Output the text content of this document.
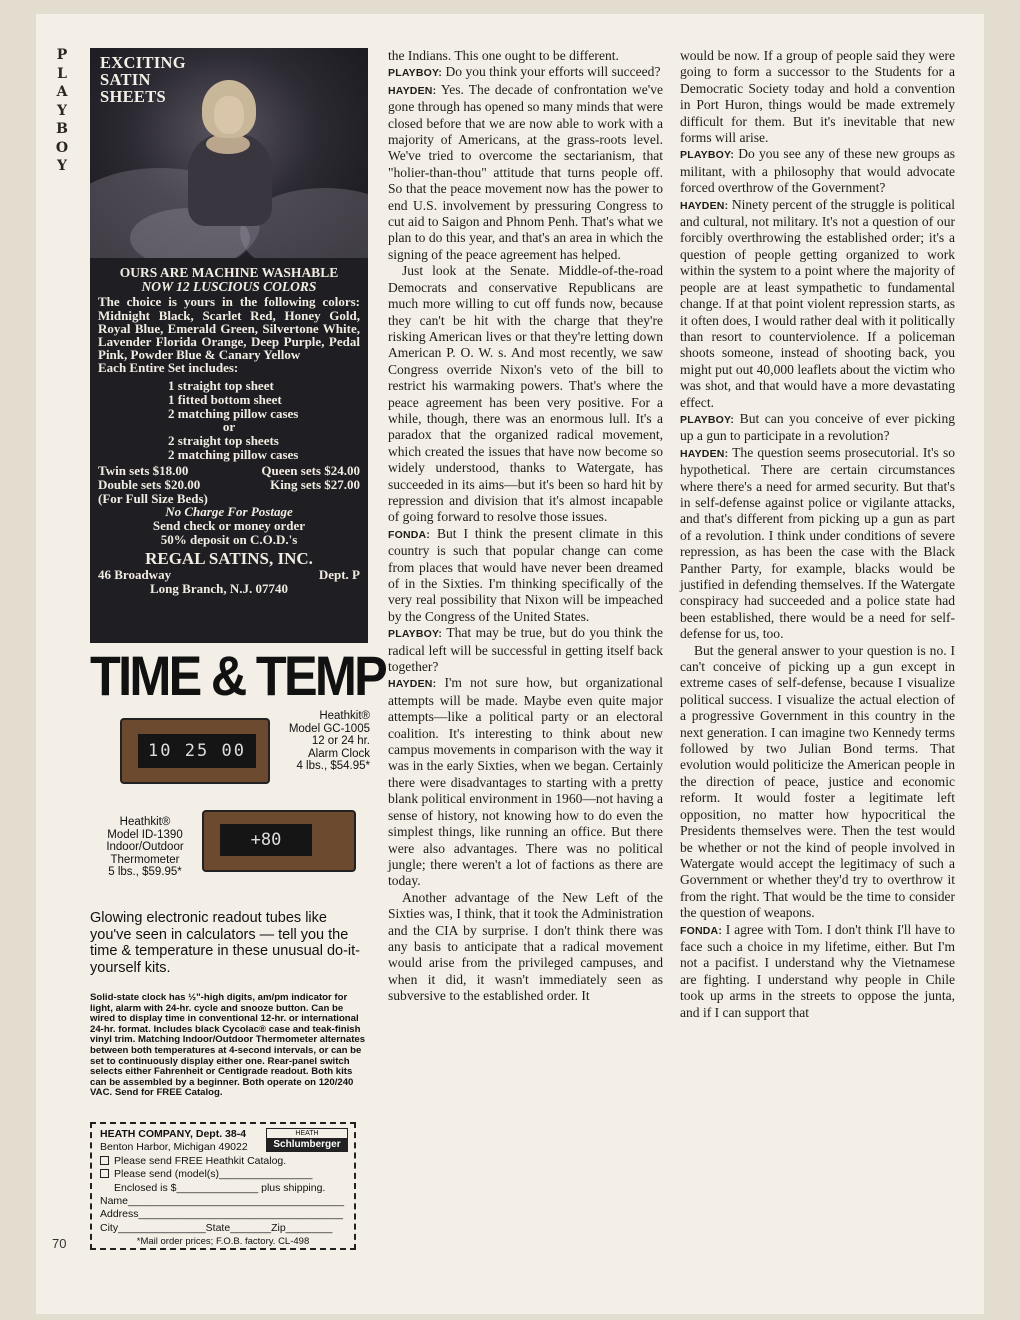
P
L
A
Y
B
O
Y
70
EXCITING
SATIN
SHEETS
OURS ARE MACHINE WASHABLE
NOW 12 LUSCIOUS COLORS
The choice is yours in the following colors: Midnight Black, Scarlet Red, Honey Gold, Royal Blue, Emerald Green, Silvertone White, Lavender Florida Orange, Deep Purple, Pedal Pink, Powder Blue & Canary Yellow
Each Entire Set includes:
1 straight top sheet
1 fitted bottom sheet
2 matching pillow cases
or
2 straight top sheets
2 matching pillow cases
Twin sets $18.00	Queen sets $24.00
Double sets $20.00	King sets $27.00
(For Full Size Beds)
No Charge For Postage
Send check or money order
50% deposit on C.O.D.'s
REGAL SATINS, INC.
46 Broadway	Dept. P
Long Branch, N.J. 07740
TIME & TEMP
10 25 00
Heathkit®
Model GC-1005
12 or 24 hr.
Alarm Clock
4 lbs., $54.95*
+80
Heathkit®
Model ID-1390
Indoor/Outdoor
Thermometer
5 lbs., $59.95*
Glowing electronic readout tubes like you've seen in calculators — tell you the time & temperature in these unusual do-it-yourself kits.
Solid-state clock has ½"-high digits, am/pm indicator for light, alarm with 24-hr. cycle and snooze button. Can be wired to display time in conventional 12-hr. or international 24-hr. format. Includes black Cycolac® case and teak-finish vinyl trim. Matching Indoor/Outdoor Thermometer alternates between both temperatures at 4-second intervals, or can be set to continuously display either one. Rear-panel switch selects either Fahrenheit or Centigrade readout. Both kits can be assembled by a beginner. Both operate on 120/240 VAC. Send for FREE Catalog.
HEATH
Schlumberger
HEATH COMPANY, Dept. 38-4
Benton Harbor, Michigan 49022
Please send FREE Heathkit Catalog.
Please send (model(s)________________
Enclosed is $______________ plus shipping.
Name_____________________________________
Address___________________________________
City_______________State_______Zip________
*Mail order prices; F.O.B. factory. CL-498

the Indians. This one ought to be different.

PLAYBOY: Do you think your efforts will succeed?

HAYDEN: Yes. The decade of confrontation we've gone through has opened so many minds that were closed before that we are now able to work with a majority of Americans, at the grass-roots level. We've tried to overcome the sectarianism, that "holier-than-thou" attitude that turns people off. So that the peace movement now has the power to end U.S. involvement by pressuring Congress to cut aid to Saigon and Phnom Penh. That's what we plan to do this year, and that's an area in which the signing of the peace agreement has helped.

Just look at the Senate. Middle-of-the-road Democrats and conservative Republicans are much more willing to cut off funds now, because they can't be hit with the charge that they're risking American lives or that they're letting down American P. O. W. s. And most recently, we saw Congress override Nixon's veto of the bill to restrict his warmaking powers. That's where the peace agreement has been very positive. For a while, though, there was an enormous lull. It's a paradox that the organized radical movement, which created the issues that have now become so widely understood, thanks to Watergate, has succeeded in its aims—but it's been so hard hit by repression and division that it's almost incapable of going forward to resolve those issues.

FONDA: But I think the present climate in this country is such that popular change can come from places that would have never been dreamed of in the Sixties. I'm thinking specifically of the very real possibility that Nixon will be impeached by the Congress of the United States.

PLAYBOY: That may be true, but do you think the radical left will be successful in getting itself back together?

HAYDEN: I'm not sure how, but organizational attempts will be made. Maybe even quite major attempts—like a political party or an electoral coalition. It's interesting to think about new campus movements in comparison with the way it was in the early Sixties, when we began. Certainly there were disadvantages to starting with a pretty blank political environment in 1960—not having a sense of history, not knowing how to do even the simplest things, like running an office. But there were also advantages. There was no political jungle; there weren't a lot of factions as there are today.

Another advantage of the New Left of the Sixties was, I think, that it took the Administration and the CIA by surprise. I don't think there was any basis to anticipate that a radical movement would arise from the privileged campuses, and when it did, it wasn't immediately seen as subversive to the established order. It

would be now. If a group of people said they were going to form a successor to the Students for a Democratic Society today and hold a convention in Port Huron, things would be made extremely difficult for them. But it's inevitable that new forms will arise.

PLAYBOY: Do you see any of these new groups as militant, with a philosophy that would advocate forced overthrow of the Government?

HAYDEN: Ninety percent of the struggle is political and cultural, not military. It's not a question of our forcibly overthrowing the established order; it's a question of people getting organized to work within the system to a point where the majority of people are at least sympathetic to fundamental change. If at that point violent repression starts, as it often does, I would rather deal with it politically than resort to counterviolence. If a policeman shoots someone, instead of shooting back, you might put out 40,000 leaflets about the victim who was shot, and that would have a more devastating effect.

PLAYBOY: But can you conceive of ever picking up a gun to participate in a revolution?

HAYDEN: The question seems prosecutorial. It's so hypothetical. There are certain circumstances where there's a need for armed security. But that's in self-defense against police or vigilante attacks, and that's different from picking up a gun as part of a revolution. I think under conditions of severe repression, as has been the case with the Black Panther Party, for example, blacks would be justified in defending themselves. If the Watergate conspiracy had succeeded and a police state had been established, there would be a need for self-defense for us, too.

But the general answer to your question is no. I can't conceive of picking up a gun except in extreme cases of self-defense, because I visualize political success. I visualize the actual election of a progressive Government in this country in the next generation. I can imagine two Kennedy terms followed by two Julian Bond terms. That evolution would politicize the American people in the direction of peace, justice and economic reform. It would foster a legitimate left opposition, no matter how hypocritical the Presidents themselves were. Then the test would be whether or not the kind of people involved in Watergate would accept the legitimacy of such a Government or whether they'd try to overthrow it from the right. That would be the time to consider the question of weapons.

FONDA: I agree with Tom. I don't think I'll have to face such a choice in my lifetime, either. But I'm not a pacifist. I understand why the Vietnamese are fighting. I understand why people in Chile took up arms in the streets to oppose the junta, and if I can support that
